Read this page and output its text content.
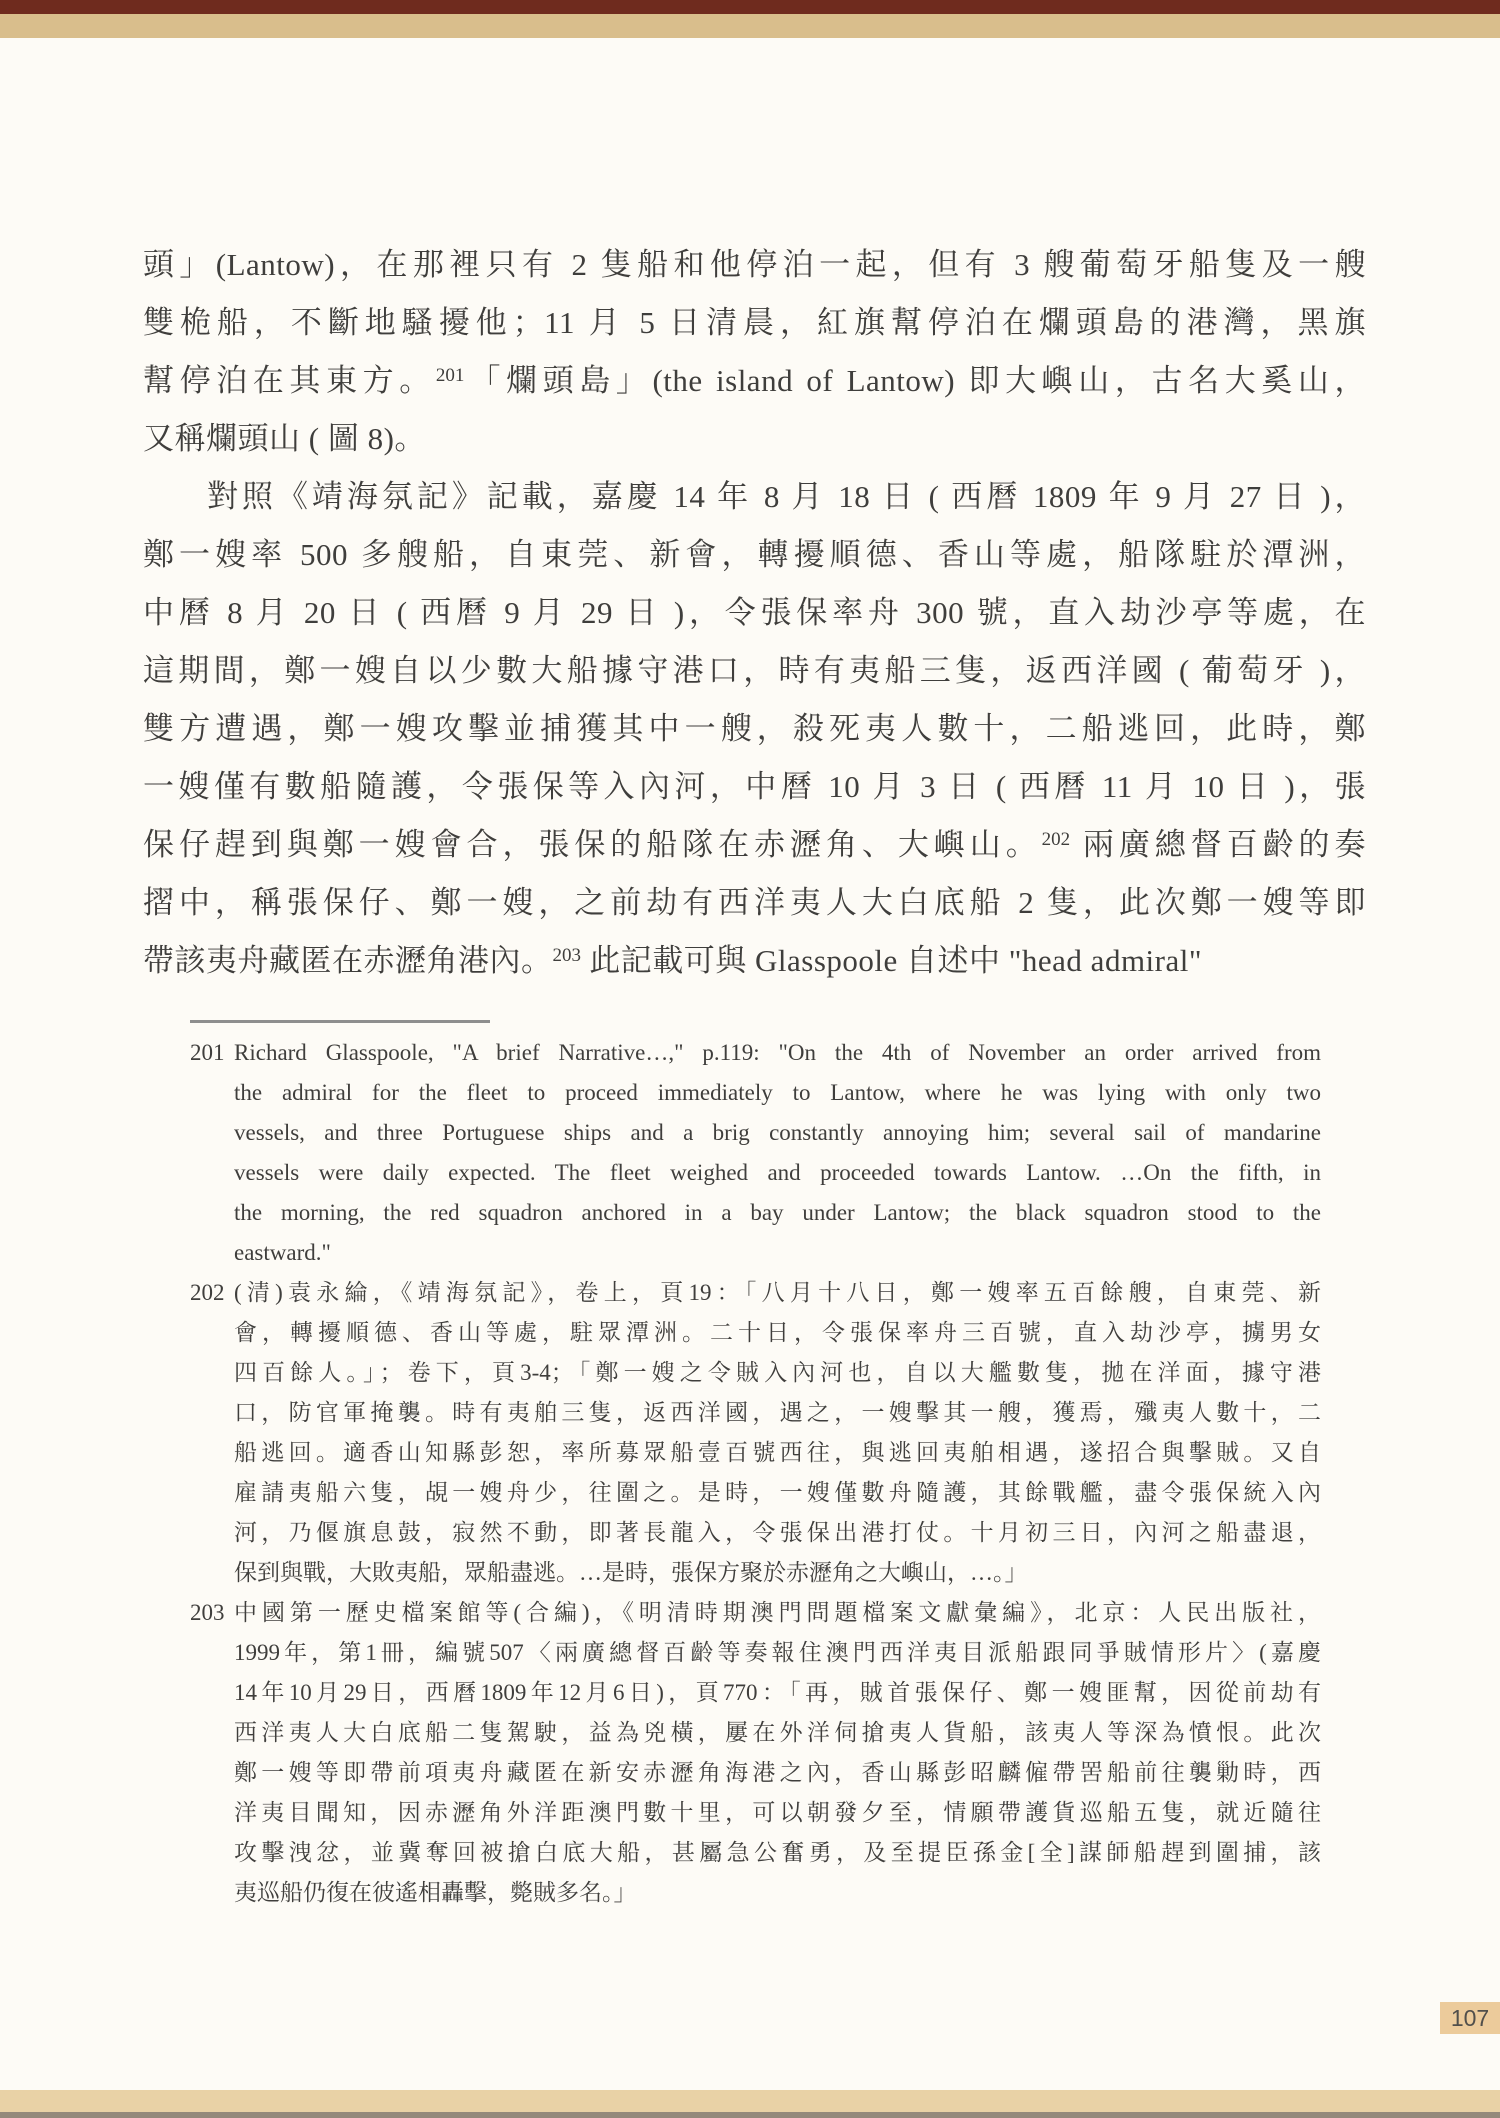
頭」(Lantow)，在那裡只有 2 隻船和他停泊一起，但有 3 艘葡萄牙船隻及一艘
雙桅船，不斷地騷擾他；11 月 5 日清晨，紅旗幫停泊在爛頭島的港灣，黑旗
幫停泊在其東方。$^{201}$「爛頭島」(the island of Lantow) 即大嶼山，古名大奚山，
又稱爛頭山 ( 圖 8)。
對照《靖海氛記》記載，嘉慶 14 年 8 月 18 日 ( 西曆 1809 年 9 月 27 日 )，
鄭一嫂率 500 多艘船，自東莞、新會，轉擾順德、香山等處，船隊駐於潭洲，
中曆 8 月 20 日 ( 西曆 9 月 29 日 )，令張保率舟 300 號，直入劫沙亭等處，在
這期間，鄭一嫂自以少數大船據守港口，時有夷船三隻，返西洋國 ( 葡萄牙 )，
雙方遭遇，鄭一嫂攻擊並捕獲其中一艘，殺死夷人數十，二船逃回，此時，鄭
一嫂僅有數船隨護，令張保等入內河，中曆 10 月 3 日 ( 西曆 11 月 10 日 )，張
保仔趕到與鄭一嫂會合，張保的船隊在赤瀝角、大嶼山。$^{202}$ 兩廣總督百齡的奏
摺中，稱張保仔、鄭一嫂，之前劫有西洋夷人大白底船 2 隻，此次鄭一嫂等即
帶該夷舟藏匿在赤瀝角港內。$^{203}$ 此記載可與 Glasspoole 自述中 "head admiral"
201 Richard Glasspoole, "A brief Narrative…," p.119: "On the 4th of November an order arrived from
the admiral for the fleet to proceed immediately to Lantow, where he was lying with only two
vessels, and three Portuguese ships and a brig constantly annoying him; several sail of mandarine
vessels were daily expected. The fleet weighed and proceeded towards Lantow. …On the fifth, in
the morning, the red squadron anchored in a bay under Lantow; the black squadron stood to the
eastward."
202 (清)袁永綸，《靖海氛記》，卷上，頁19：「八月十八日，鄭一嫂率五百餘艘，自東莞、新
會，轉擾順德、香山等處，駐眾潭洲。二十日，令張保率舟三百號，直入劫沙亭，擄男女
四百餘人。」；卷下，頁3-4；「鄭一嫂之令賊入內河也，自以大艦數隻，拋在洋面，據守港
口，防官軍掩襲。時有夷舶三隻，返西洋國，遇之，一嫂擊其一艘，獲焉，殲夷人數十，二
船逃回。適香山知縣彭恕，率所募眾船壹百號西往，與逃回夷舶相遇，遂招合與擊賊。又自
雇請夷船六隻，覘一嫂舟少，往圍之。是時，一嫂僅數舟隨護，其餘戰艦，盡令張保統入內
河，乃偃旗息鼓，寂然不動，即著長龍入，令張保出港打仗。十月初三日，內河之船盡退，
保到與戰，大敗夷船，眾船盡逃。…是時，張保方聚於赤瀝角之大嶼山，…。」
203 中國第一歷史檔案館等(合編)，《明清時期澳門問題檔案文獻彙編》，北京：人民出版社，
1999年，第1冊，編號507〈兩廣總督百齡等奏報住澳門西洋夷目派船跟同爭賊情形片〉(嘉慶
14年10月29日，西曆1809年12月6日)，頁770：「再，賊首張保仔、鄭一嫂匪幫，因從前劫有
西洋夷人大白底船二隻駕駛，益為兇橫，屢在外洋伺搶夷人貨船，該夷人等深為憤恨。此次
鄭一嫂等即帶前項夷舟藏匿在新安赤瀝角海港之內，香山縣彭昭麟僱帶罟船前往襲勦時，西
洋夷目聞知，因赤瀝角外洋距澳門數十里，可以朝發夕至，情願帶護貨巡船五隻，就近隨往
攻擊洩忿，並冀奪回被搶白底大船，甚屬急公奮勇，及至提臣孫金[全]謀師船趕到圍捕，該
夷巡船仍復在彼遙相轟擊，斃賊多名。」
107
